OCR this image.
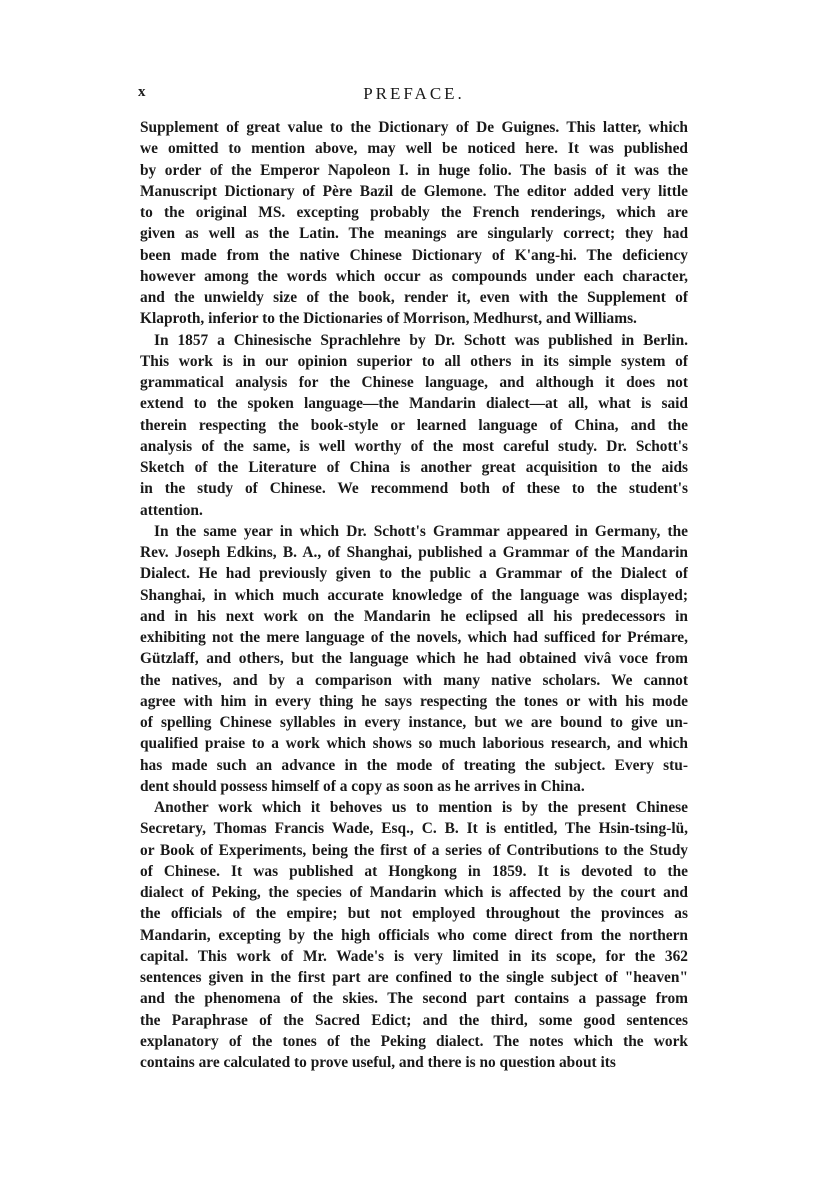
x	PREFACE.
Supplement of great value to the Dictionary of De Guignes. This latter, which
we omitted to mention above, may well be noticed here. It was published
by order of the Emperor Napoleon I. in huge folio. The basis of it was the
Manuscript Dictionary of Père Bazil de Glemone. The editor added very little
to the original MS. excepting probably the French renderings, which are
given as well as the Latin. The meanings are singularly correct; they had
been made from the native Chinese Dictionary of K'ang-hi. The deficiency
however among the words which occur as compounds under each character,
and the unwieldy size of the book, render it, even with the Supplement of
Klaproth, inferior to the Dictionaries of Morrison, Medhurst, and Williams.
In 1857 a Chinesische Sprachlehre by Dr. Schott was published in Berlin.
This work is in our opinion superior to all others in its simple system of
grammatical analysis for the Chinese language, and although it does not
extend to the spoken language—the Mandarin dialect—at all, what is said
therein respecting the book-style or learned language of China, and the
analysis of the same, is well worthy of the most careful study. Dr. Schott's
Sketch of the Literature of China is another great acquisition to the aids
in the study of Chinese. We recommend both of these to the student's
attention.
In the same year in which Dr. Schott's Grammar appeared in Germany, the
Rev. Joseph Edkins, B. A., of Shanghai, published a Grammar of the Mandarin
Dialect. He had previously given to the public a Grammar of the Dialect of
Shanghai, in which much accurate knowledge of the language was displayed;
and in his next work on the Mandarin he eclipsed all his predecessors in
exhibiting not the mere language of the novels, which had sufficed for Prémare,
Gützlaff, and others, but the language which he had obtained vivâ voce from
the natives, and by a comparison with many native scholars. We cannot
agree with him in every thing he says respecting the tones or with his mode
of spelling Chinese syllables in every instance, but we are bound to give un-
qualified praise to a work which shows so much laborious research, and which
has made such an advance in the mode of treating the subject. Every stu-
dent should possess himself of a copy as soon as he arrives in China.
Another work which it behoves us to mention is by the present Chinese
Secretary, Thomas Francis Wade, Esq., C. B. It is entitled, The Hsin-tsing-lü,
or Book of Experiments, being the first of a series of Contributions to the Study
of Chinese. It was published at Hongkong in 1859. It is devoted to the
dialect of Peking, the species of Mandarin which is affected by the court and
the officials of the empire; but not employed throughout the provinces as
Mandarin, excepting by the high officials who come direct from the northern
capital. This work of Mr. Wade's is very limited in its scope, for the 362
sentences given in the first part are confined to the single subject of "heaven"
and the phenomena of the skies. The second part contains a passage from
the Paraphrase of the Sacred Edict; and the third, some good sentences
explanatory of the tones of the Peking dialect. The notes which the work
contains are calculated to prove useful, and there is no question about its
